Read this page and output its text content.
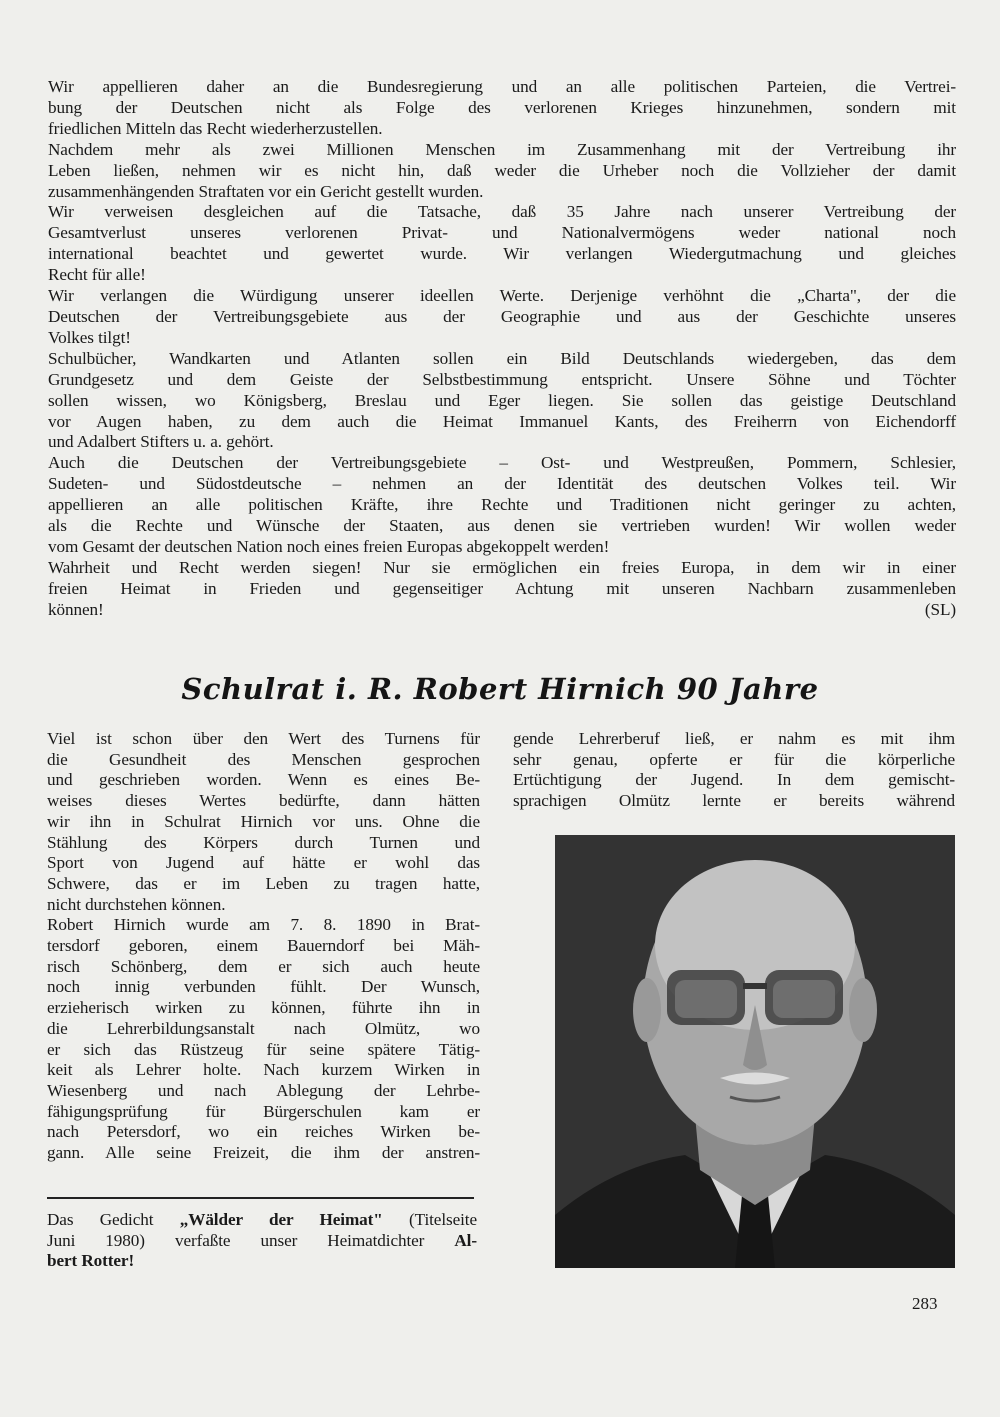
Wir appellieren daher an die Bundesregierung und an alle politischen Parteien, die Vertrei-
bung der Deutschen nicht als Folge des verlorenen Krieges hinzunehmen, sondern mit
friedlichen Mitteln das Recht wiederherzustellen.
Nachdem mehr als zwei Millionen Menschen im Zusammenhang mit der Vertreibung ihr
Leben ließen, nehmen wir es nicht hin, daß weder die Urheber noch die Vollzieher der damit
zusammenhängenden Straftaten vor ein Gericht gestellt wurden.
Wir verweisen desgleichen auf die Tatsache, daß 35 Jahre nach unserer Vertreibung der
Gesamtverlust unseres verlorenen Privat- und Nationalvermögens weder national noch
international beachtet und gewertet wurde. Wir verlangen Wiedergutmachung und gleiches
Recht für alle!
Wir verlangen die Würdigung unserer ideellen Werte. Derjenige verhöhnt die „Charta", der die
Deutschen der Vertreibungsgebiete aus der Geographie und aus der Geschichte unseres
Volkes tilgt!
Schulbücher, Wandkarten und Atlanten sollen ein Bild Deutschlands wiedergeben, das dem
Grundgesetz und dem Geiste der Selbstbestimmung entspricht. Unsere Söhne und Töchter
sollen wissen, wo Königsberg, Breslau und Eger liegen. Sie sollen das geistige Deutschland
vor Augen haben, zu dem auch die Heimat Immanuel Kants, des Freiherrn von Eichendorff
und Adalbert Stifters u. a. gehört.
Auch die Deutschen der Vertreibungsgebiete – Ost- und Westpreußen, Pommern, Schlesier,
Sudeten- und Südostdeutsche – nehmen an der Identität des deutschen Volkes teil. Wir
appellieren an alle politischen Kräfte, ihre Rechte und Traditionen nicht geringer zu achten,
als die Rechte und Wünsche der Staaten, aus denen sie vertrieben wurden! Wir wollen weder
vom Gesamt der deutschen Nation noch eines freien Europas abgekoppelt werden!
Wahrheit und Recht werden siegen! Nur sie ermöglichen ein freies Europa, in dem wir in einer
freien Heimat in Frieden und gegenseitiger Achtung mit unseren Nachbarn zusammenleben
können!	(SL)
Schulrat i. R. Robert Hirnich 90 Jahre
Viel ist schon über den Wert des Turnens für
die Gesundheit des Menschen gesprochen
und geschrieben worden. Wenn es eines Be-
weises dieses Wertes bedürfte, dann hätten
wir ihn in Schulrat Hirnich vor uns. Ohne die
Stählung des Körpers durch Turnen und
Sport von Jugend auf hätte er wohl das
Schwere, das er im Leben zu tragen hatte,
nicht durchstehen können.
Robert Hirnich wurde am 7. 8. 1890 in Brat-
tersdorf geboren, einem Bauerndorf bei Mäh-
risch Schönberg, dem er sich auch heute
noch innig verbunden fühlt. Der Wunsch,
erzieherisch wirken zu können, führte ihn in
die Lehrerbildungsanstalt nach Olmütz, wo
er sich das Rüstzeug für seine spätere Tätig-
keit als Lehrer holte. Nach kurzem Wirken in
Wiesenberg und nach Ablegung der Lehrbe-
fähigungsprüfung für Bürgerschulen kam er
nach Petersdorf, wo ein reiches Wirken be-
gann. Alle seine Freizeit, die ihm der anstren-
gende Lehrerberuf ließ, er nahm es mit ihm
sehr genau, opferte er für die körperliche
Ertüchtigung der Jugend. In dem gemischt-
sprachigen Olmütz lernte er bereits während
Das Gedicht „Wälder der Heimat" (Titelseite
Juni 1980) verfaßte unser Heimatdichter Al-
bert Rotter!
283
